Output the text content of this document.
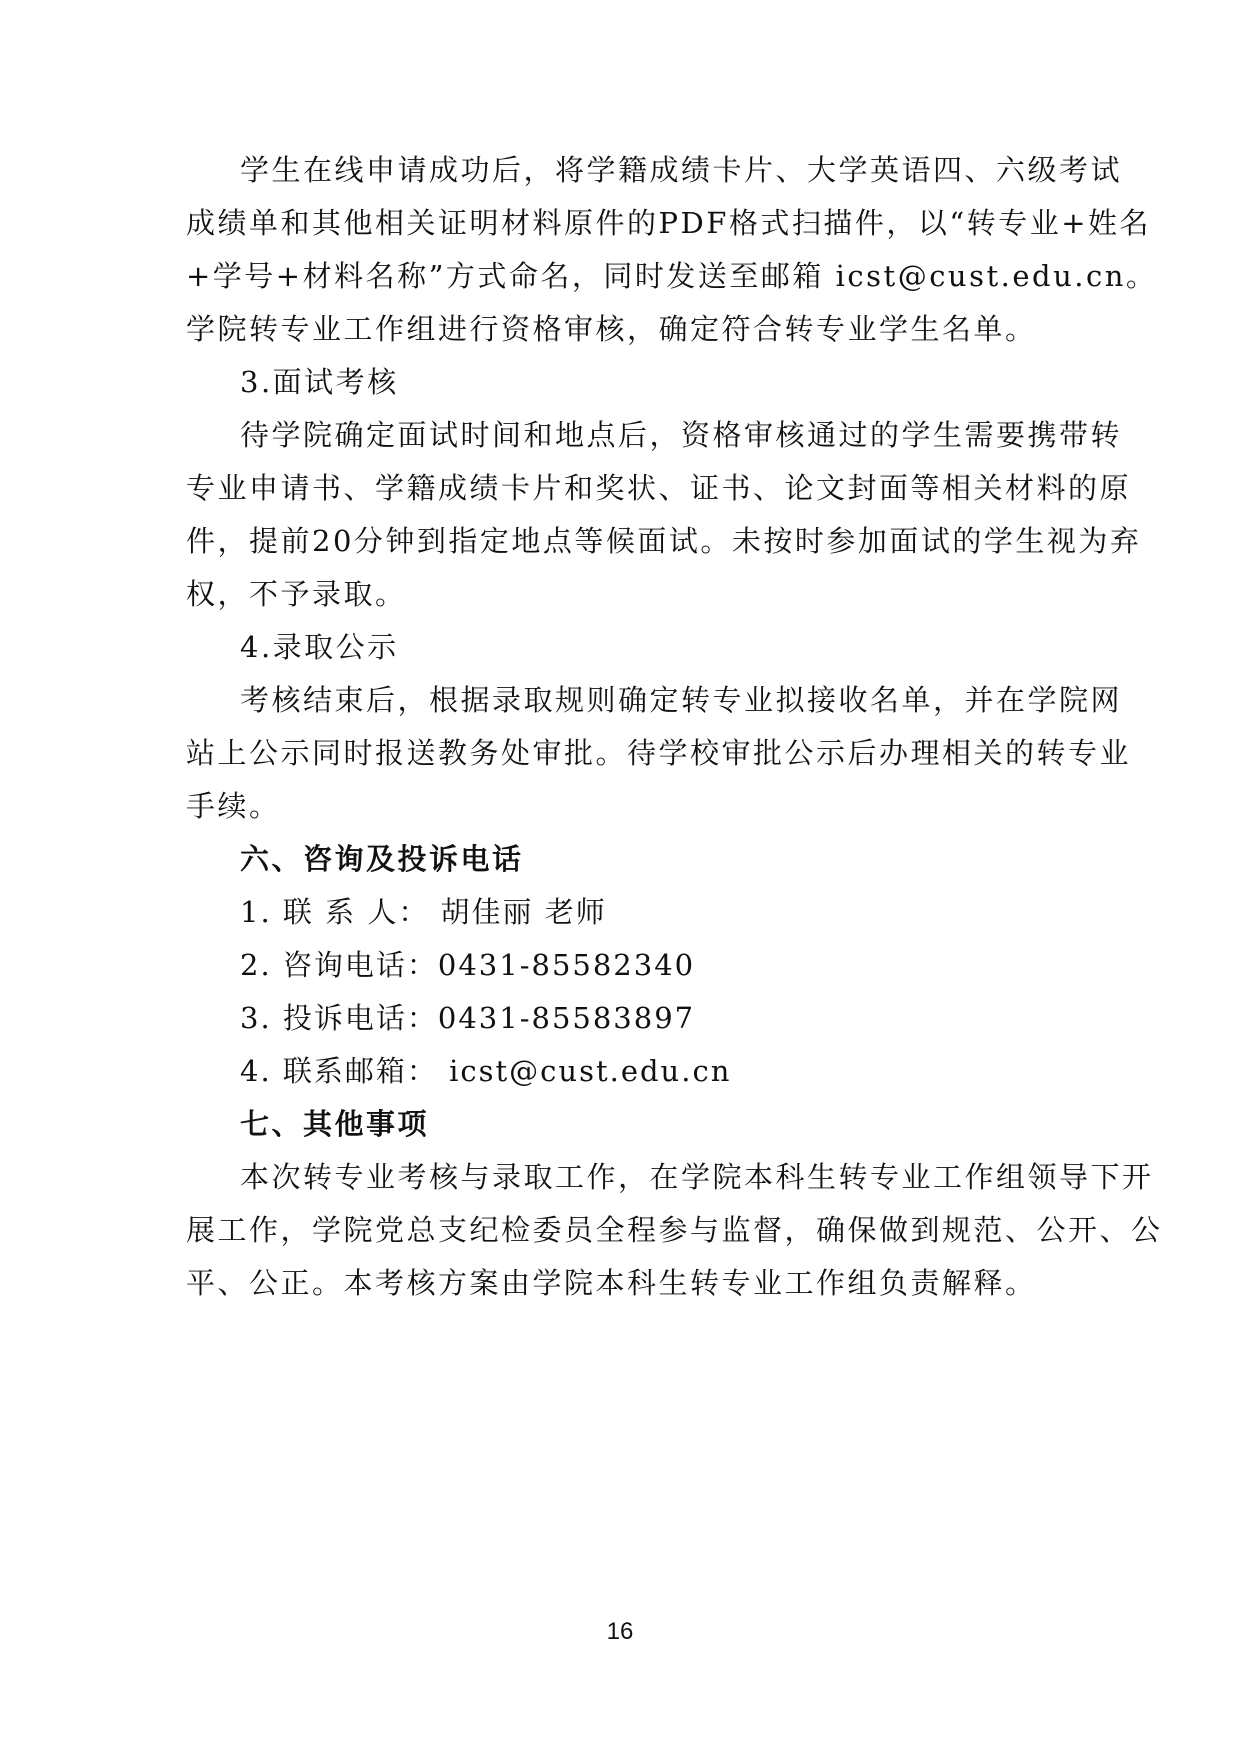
学生在线申请成功后，将学籍成绩卡片、大学英语四、六级考试
成绩单和其他相关证明材料原件的PDF格式扫描件，以“转专业+姓名
+学号+材料名称”方式命名，同时发送至邮箱 icst@cust.edu.cn。
学院转专业工作组进行资格审核，确定符合转专业学生名单。
3.面试考核
待学院确定面试时间和地点后，资格审核通过的学生需要携带转
专业申请书、学籍成绩卡片和奖状、证书、论文封面等相关材料的原
件，提前20分钟到指定地点等候面试。未按时参加面试的学生视为弃
权，不予录取。
4.录取公示
考核结束后，根据录取规则确定转专业拟接收名单，并在学院网
站上公示同时报送教务处审批。待学校审批公示后办理相关的转专业
手续。
六、咨询及投诉电话
1. 联 系 人： 胡佳丽 老师
2. 咨询电话：0431-85582340
3. 投诉电话：0431-85583897
4. 联系邮箱： icst@cust.edu.cn
七、其他事项
本次转专业考核与录取工作，在学院本科生转专业工作组领导下开
展工作，学院党总支纪检委员全程参与监督，确保做到规范、公开、公
平、公正。本考核方案由学院本科生转专业工作组负责解释。
16
